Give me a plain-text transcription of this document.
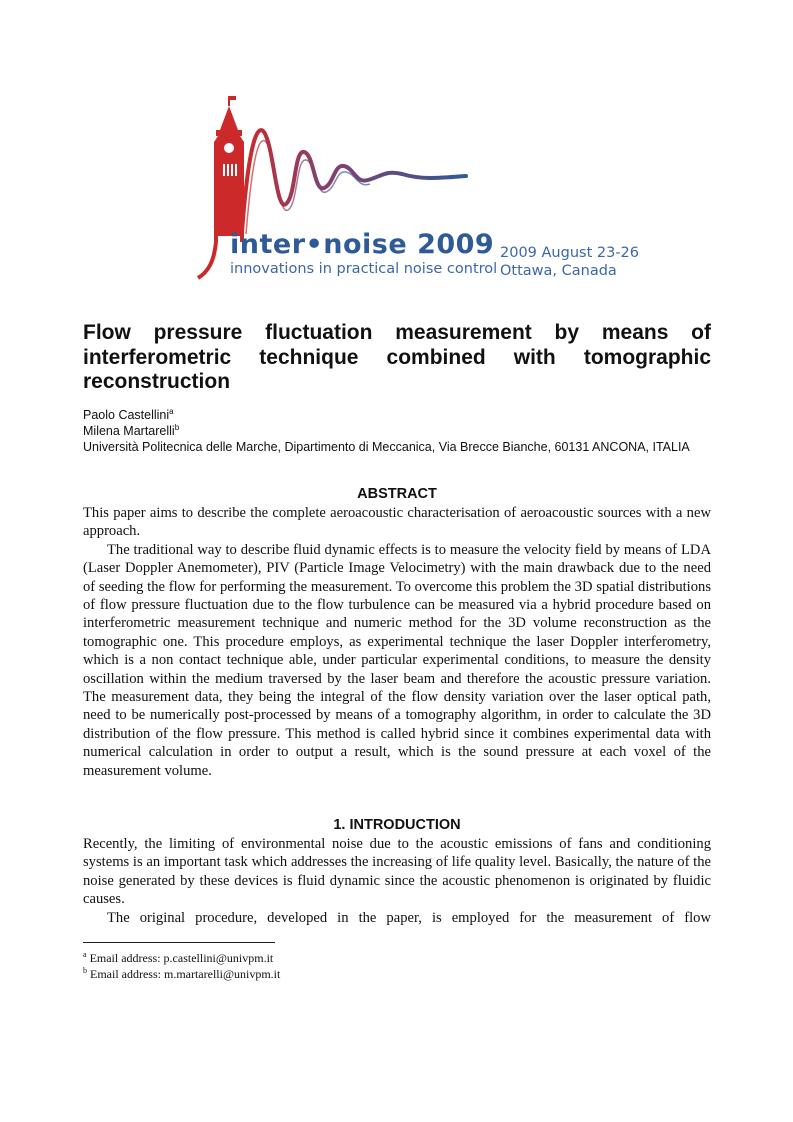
inter•noise 2009
innovations in practical noise control
2009 August 23-26
Ottawa, Canada
Flow pressure fluctuation measurement by means of interferometric technique combined with tomographic reconstruction
Paolo Castellini$^a$
Milena Martarelli$^b$
Università Politecnica delle Marche, Dipartimento di Meccanica, Via Brecce Bianche, 60131 ANCONA, ITALIA
ABSTRACT

This paper aims to describe the complete aeroacoustic characterisation of aeroacoustic sources with a new approach.

The traditional way to describe fluid dynamic effects is to measure the velocity field by means of LDA (Laser Doppler Anemometer), PIV (Particle Image Velocimetry) with the main drawback due to the need of seeding the flow for performing the measurement. To overcome this problem the 3D spatial distributions of flow pressure fluctuation due to the flow turbulence can be measured via a hybrid procedure based on interferometric measurement technique and numeric method for the 3D volume reconstruction as the tomographic one. This procedure employs, as experimental technique the laser Doppler interferometry, which is a non contact technique able, under particular experimental conditions, to measure the density oscillation within the medium traversed by the laser beam and therefore the acoustic pressure variation. The measurement data, they being the integral of the flow density variation over the laser optical path, need to be numerically post-processed by means of a tomography algorithm, in order to calculate the 3D distribution of the flow pressure. This method is called hybrid since it combines experimental data with numerical calculation in order to output a result, which is the sound pressure at each voxel of the measurement volume.

1. INTRODUCTION

Recently, the limiting of environmental noise due to the acoustic emissions of fans and conditioning systems is an important task which addresses the increasing of life quality level. Basically, the nature of the noise generated by these devices is fluid dynamic since the acoustic phenomenon is originated by fluidic causes.

The original procedure, developed in the paper, is employed for the measurement of flow

$^a$ Email address: p.castellini@univpm.it
$^b$ Email address: m.martarelli@univpm.it
